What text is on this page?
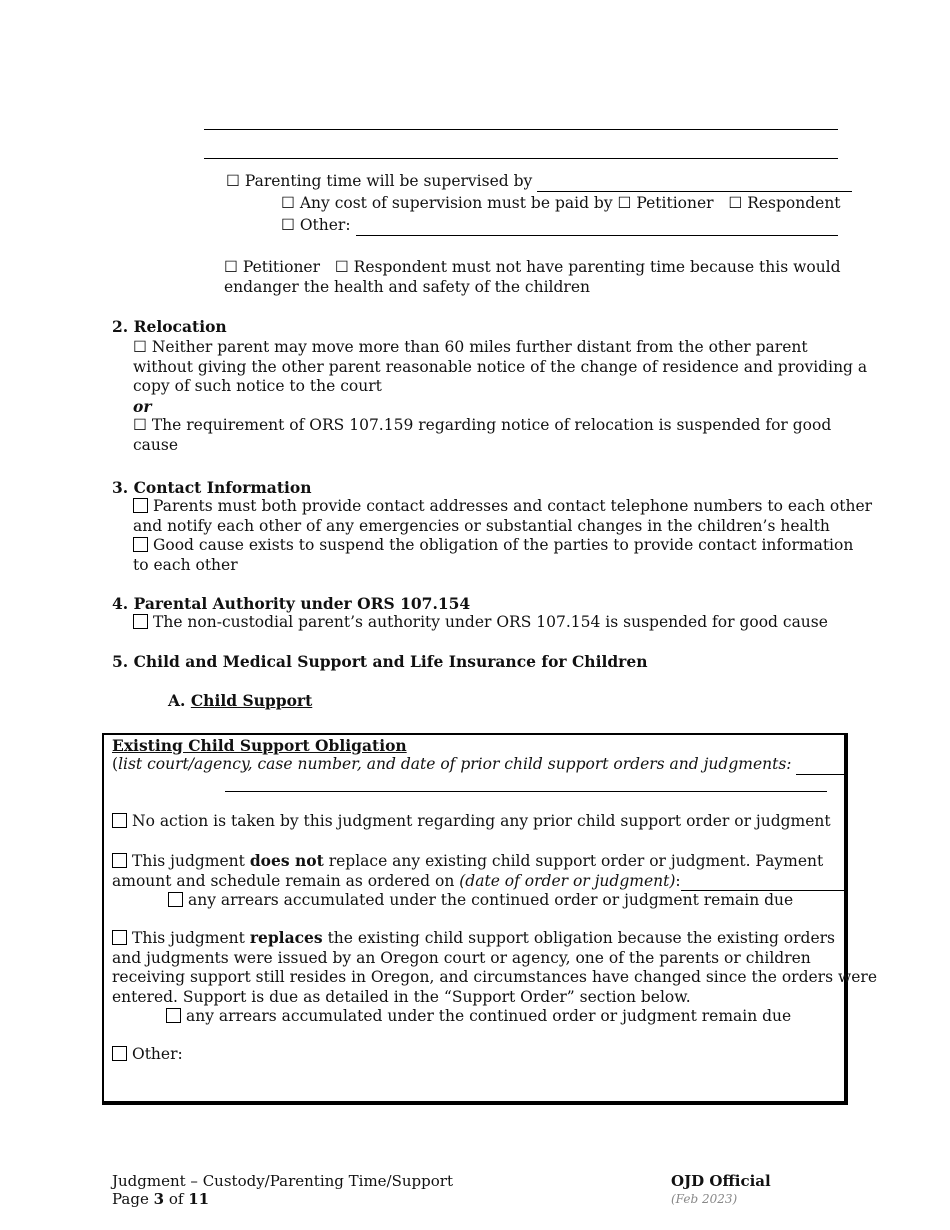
☐ Parenting time will be supervised by
☐ Any cost of supervision must be paid by ☐ Petitioner ☐ Respondent
☐ Other:
☐ Petitioner ☐ Respondent must not have parenting time because this would
endanger the health and safety of the children
2. Relocation
☐ Neither parent may move more than 60 miles further distant from the other parent
without giving the other parent reasonable notice of the change of residence and providing a
copy of such notice to the court
or
☐ The requirement of ORS 107.159 regarding notice of relocation is suspended for good
cause
3. Contact Information
Parents must both provide contact addresses and contact telephone numbers to each other
and notify each other of any emergencies or substantial changes in the children’s health
Good cause exists to suspend the obligation of the parties to provide contact information
to each other
4. Parental Authority under ORS 107.154
The non-custodial parent’s authority under ORS 107.154 is suspended for good cause
5. Child and Medical Support and Life Insurance for Children
A. Child Support
Existing Child Support Obligation
(list court/agency, case number, and date of prior child support orders and judgments:
No action is taken by this judgment regarding any prior child support order or judgment
This judgment does not replace any existing child support order or judgment. Payment
amount and schedule remain as ordered on (date of order or judgment):
any arrears accumulated under the continued order or judgment remain due
This judgment replaces the existing child support obligation because the existing orders
and judgments were issued by an Oregon court or agency, one of the parents or children
receiving support still resides in Oregon, and circumstances have changed since the orders were
entered. Support is due as detailed in the “Support Order” section below.
any arrears accumulated under the continued order or judgment remain due
Other:
Judgment – Custody/Parenting Time/Support
Page 3 of 11
OJD Official
(Feb 2023)
